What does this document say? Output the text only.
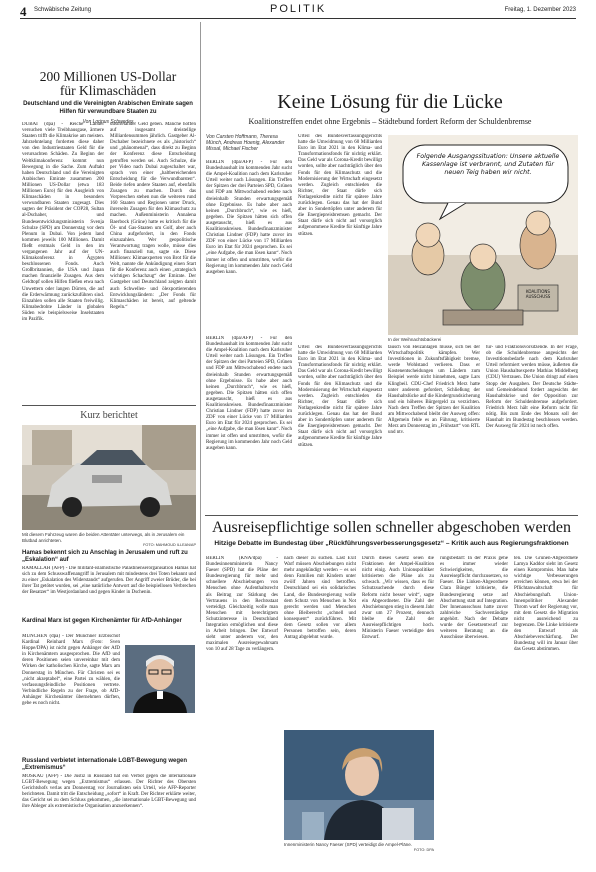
4 Schwäbische Zeitung	POLITIK	Freitag, 1. Dezember 2023
200 Millionen US-Dollar
für Klimaschäden
Deutschland und die Vereinigten Arabischen Emirate sagen Hilfen für verwundbare Staaten zu
Von Lorinus Schwedes
DUBAI (dpa) - Reiche Länder versuchen viele Treibhausgase, ärmere Staaten trifft die Klimakrise am meisten. Jahrzehntelang forderten diese daher von den Industriestaaten Geld für die verursachten Schäden. Zu Beginn der Weltklimakonferenz kommt nun Bewegung in die Sache. Zum Auftakt haben Deutschland und die Vereinigten Arabischen Emirate zusammen 200 Millionen US-Dollar (etwa 183 Millionen Euro) für den Ausgleich von Klimaschäden in besonders verwundbaren Staaten zugesagt. Dies sagten der Präsident der COP28, Sultan al-Dschaber, und Bundesentwicklungsministerin Svenja Schulze (SPD) am Donnerstag vor dem Plenum in Dubai. Von jedem land kommen jeweils 100 Millionen. Damit fließt erstmals Geld in den im vergangenen Jahr auf der UN-Klimakonferenz in Ägypten beschlossenen Fonds. Auch Großbritannien, die USA und Japan machen finanzielle Zusagen. Aus dem Geldtopf sollen Hilfen fließen etwa nach Unwettern oder langen Dürren, die auf die Erderwärmung zurückzuführen sind. Einzahlen sollen alle Staaten freiwillig. Klimabedrohte Länder in globalen Süden wie beispielsweise Inselstaaten im Pazifik.
dustrieländer Geld geben. Manche hoffen auf insgesamt dreistellige Milliardensummen jährlich. Gastgeber Al-Dschaber bezeichnete es als „historisch“ und „phänomenal“, dass direkt zu Beginn der Konferenz diese Entscheidung getroffen werden sei. Auch Schulze, die per Video nach Dubai zugeschaltet war, sprach von einer „haltbereichenden Entscheidung für die Verwundbarsten“. Beide riefen andere Staaten auf, ebenfalls Zusagen zu machen. Durch das Vorpreschen stehen nun die weiteren rund 160 Staaten und Regionen unter Druck, ihrerseits Zusagen für den Klimaschutz zu machen. Außenministerin Annalena Baerbock (Grüne) hatte es kritisch für die Öl- und Gas-Staaten um Golf, aber auch China aufgefordert, in den Fonds einzuzahlen. Wer geopolitische Verantwortung tragen wolle, müsse dies auch finanziell tun, sagte sie. Diese Millionen: Klimaexperten von Brot für die Welt, nannte die Ankündigung einen Start für die Konferenz auch einen „strategisch wichtigen Schachzug“ der Emirate. Der Gastgeber und Deutschland zeigten damit auch Schwellen- und ölexportierenden Entwicklungsländern: „Der Fonds für Klimaschäden ist bereit, auf geltende Regeln.“
Kurz berichtet
Mit diesem Fahrzeug waren die beiden Attentäter unterwegs, als in Jerusalem ein Blutbad anrichteten.
FOTO: MAHMOUD ILLEAN/AP
Hamas bekennt sich zu Anschlag in Jerusalem und ruft zu „Eskalation“ auf
RAMALLAH (AFP) - Die militant-islamistische Palästinenserorganisation Hamas hat sich zu dem Schusswaffenangriff in Jerusalem mit mindestens drei Toten bekannt und zu einer „Eskalation des Widerstands“ aufgerufen. Der Angriff zweier Brüder, die bei ihrer Tat getötet wurden, sei „eine natürliche Antwort auf die beispiellosen Verbrechen der Besatzer“ im Westjordanland und gegen Kinder in Dschenin.
Kardinal Marx ist gegen Kirchenämter für AfD-Anhänger
MÜNCHEN (dpa) - Der Münchner Erzbischof Kardinal Reinhard Marx (Foto: Sven Hoppe/DPA) ist nicht gegen Anhänger der AfD in Kirchenämtern ausgesprochen. Die AfD und deren Positionen seien unvereinbar mit dem Wirken der katholischen Kirche, sagte Marx am Donnerstag in München. Für Christen sei es „nicht akzeptabel“, eine Partei zu wählen, die verfassungsfeindliche Positionen vertrete. Verbindliche Regeln zu der Frage, ob AfD-Anhänger Kirchenämter übernehmen dürften, gebe es noch nicht.
Russland verbietet internationale LGBT-Bewegung wegen „Extremismus“
MOSKAU (AFP) - Die Justiz in Russland hat ein Verbot gegen die internationale LGBT-Bewegung wegen „Extremismus“ erlassen. Der Richter des Obersten Gerichtshofs verlas am Donnerstag vor Journalisten sein Urteil, wie AFP-Reporter berichteten. Damit tritt die Entscheidung „sofort“ in Kraft. Der Richter erklärte weiter, das Gericht sei zu dem Schluss gekommen, „die internationale LGBT-Bewegung und ihre Ableger als extremistische Organisation anzuerkennen“.
Keine Lösung für die Lücke
Koalitionstreffen endet ohne Ergebnis – Städtebund fordert Reform der Schuldenbremse
Von Carsten Hoffmann, Theresa Münch, Andreas Hoenig, Alexander Missal, Michael Fischer
BERLIN (dpa/AFP) - Für den Bundeshaushalt im kommenden Jahr sucht die Ampel-Koalition nach dem Karlsruher Urteil weiter nach Lösungen. Ein Treffen der Spitzen der drei Parteien SPD, Grünen und FDP am Mittwochabend endete nach dreieinhalb Stunden erwartungsgemäß ohne Ergebnisse. Es habe aber auch keinen „Durchbruch“, wie es hieß, gegeben. Die Spitzen hätten sich offen ausgetauscht, hieß es aus Koalitionskreisen. Bundesfinanzminister Christian Lindner (FDP) hatte zuvor im ZDF von einer Lücke von 17 Milliarden Euro im Etat für 2024 gesprochen. Es sei „eine Aufgabe, die man lösen kann“. Noch immer ist offen und umstritten, wofür die Regierung im kommenden Jahr noch Geld ausgeben kann.
Urteil des Bundesverfassungsgerichts hatte die Umwidmung von 60 Milliarden Euro im Etat 2021 in den Klima- und Transformationsfonds für nichtig erklärt. Das Geld war als Corona-Kredit bewilligt worden, sollte aber nachträglich über den Fonds für den Klimaschutz und die Modernisierung der Wirtschaft eingesetzt werden. Zugleich entschieden die Richter, der Staat dürfe sich Notlagenkredite nicht für spätere Jahre zurücklegen. Genau das hat der Bund aber in Sondertöpfen unter anderem für die Energiepreisbremsen gemacht. Der Staat dürfe sich nicht auf vorsorglich aufgenommene Kredite für künftige Jahre stützen.
Folgende Ausgangssituation: Unsere aktuelle Kassenlage ist verbrannt, und Zutaten für neuen Teig haben wir nicht.
KOALITIONS AUSSCHUSS
In der Weihnachtsbäckerei
Urteil des Bundesverfassungsgerichts hatte die Umwidmung von 60 Milliarden Euro im Etat 2021 in den Klima- und Transformationsfonds für nichtig erklärt. Das Geld war als Corona-Kredit bewilligt worden, sollte aber nachträglich über den Fonds für den Klimaschutz und die Modernisierung der Wirtschaft eingesetzt werden. Zugleich entschieden die Richter, der Staat dürfe sich Notlagenkredite nicht für spätere Jahre zurücklegen. Genau das hat der Bund aber in Sondertöpfen unter anderem für die Energiepreisbremsen gemacht. Der Staat dürfe sich nicht auf vorsorglich aufgenommene Kredite für künftige Jahre stützen.
BERLIN (dpa/AFP) - Für den Bundeshaushalt im kommenden Jahr sucht die Ampel-Koalition nach dem Karlsruher Urteil weiter nach Lösungen. Ein Treffen der Spitzen der drei Parteien SPD, Grünen und FDP am Mittwochabend endete nach dreieinhalb Stunden erwartungsgemäß ohne Ergebnisse. Es habe aber auch keinen „Durchbruch“, wie es hieß, gegeben. Die Spitzen hätten sich offen ausgetauscht, hieß es aus Koalitionskreisen. Bundesfinanzminister Christian Lindner (FDP) hatte zuvor im ZDF von einer Lücke von 17 Milliarden Euro im Etat für 2024 gesprochen. Es sei „eine Aufgabe, die man lösen kann“. Noch immer ist offen und umstritten, wofür die Regierung im kommenden Jahr noch Geld ausgeben kann.
tausch von Heizanlagen müsse, sich bei der Wirtschaftspolitik kämpfen. Wer Investitionen in Zukunftsfähigkeit bremse, werde Wohlstand verlieren. Dass er Kostenentscheidungen um Ländern zum Beispiel werde nicht hinnehmen, sagte Lars Klingbeil. CDU-Chef Friedrich Merz hatte unter anderem gefordert, Schließung der Haushaltslücke auf die Kindergrundsicherung und ein höheres Bürgergeld zu verzichten. Nach dem Treffen der Spitzen der Koalition am Mittwochabend bleibt der Ausweg offen: Allgemein fehle es an Führung, kritisierte Merz am Donnerstag im „Frühstart“ von RTL und ntv.
tur- und Fraktionsvorsitzende. In der Frage, ob die Schuldenbremse angesichts der Investitionsbedarfe nach dem Karlsruher Urteil reformiert werden müsse, äußerten die Union Haushaltsexperte Mathias Middelberg (CDU) Vertrauen. Die Union dringt auf einen Stopp der Ausgaben. Der Deutsche Städte- und Gemeindebund fordert angesichts der Haushaltskrise und der Opposition zur Reform der Schuldenbremse aufgefordert. Friedrich Merz hält eine Reform nicht für nötig. Bis zum Ende des Monats soll der Haushalt im Bundestag beschlossen werden. Der Ausweg für 2024 ist noch offen.
Ausreisepflichtige sollen schneller abgeschoben werden
Hitzige Debatte im Bundestag über „Rückführungsverbesserungsgesetz“ – Kritik auch aus Regierungsfraktionen
BERLIN (KNA/dpa) - Bundesinnenministerin Nancy Faeser (SPD) hat die Pläne der Bundesregierung für mehr und schnellere Abschiebungen von Menschen ohne Aufenthaltsrecht als Beitrag zur Stärkung des Vertrauens in den Rechtsstaat verteidigt. Gleichzeitig wolle man Menschen mit berechtigtem Schutzinteresse in Deutschland Integration ermöglichen und diese in Arbeit bringen. Der Entwurf sieht unter anderem vor, den maximalen Ausreisegewahrsam von 10 auf 28 Tage zu verlängern.
nach dieser zu suchen. Last Exit Warf müssen Abschiebungen nicht mehr angekündigt werden – es sei denn Familien mit Kindern unter zwölf Jahren sind betroffen. Deutschland sei ein solidarisches Land, die Bundesregierung wolle dem Schutz von Menschen in Not gerecht werden und Menschen ohne Bleiberecht „schnell und konsequent“ zurückführen. Mit dem Gesetz sollen vor allem Personen betroffen sein, deren Antrag abgelehnt wurde.
Durch dieses Gesetz seien die Fraktionen der Ampel-Koalition nicht einig. Auch Unionspolitiker kritisierten die Pläne als zu schwach. „Wir wissen, dass es für Schutzsuchende durch diese Reform nicht besser wird“, sagte ein Abgeordneter. Die Zahl der Abschiebungen stieg in diesem Jahr zwar um 27 Prozent, dennoch bleibe die Zahl der Ausreisepflichtigen hoch. Ministerin Faeser verteidigte den Entwurf.
rungsbedarf: In der Praxis gehe es immer wieder Schwierigkeiten, die Ausreisepflicht durchzusetzen, so Faeser. Die Linken-Abgeordnete Clara Bünger kritisierte, die Bundesregierung setze auf Abschottung statt auf Integration. Der Innenausschuss hatte zuvor zahlreiche Sachverständige angehört. Nach der Debatte wurde der Gesetzentwurf zur weiteren Beratung an die Ausschüsse überwiesen.
ten. Die Grünen-Abgeordnete Lamya Kaddor sieht im Gesetz einen Kompromiss. Man habe wichtige Verbesserungen erreichen können, etwa bei der Pflichtanwaltschaft für Abschiebungshaft. Union-Innenpolitiker Alexander Throm warf der Regierung vor, mit dem Gesetz die Migration nicht ausreichend zu begrenzen. Die Linke kritisierte den Entwurf als Abschiebeverschärfung. Der Bundestag will im Januar über das Gesetz abstimmen.
Innenministerin Nancy Faeser (SPD) verteidigt die Ampel-Pläne.
FOTO: DPA
